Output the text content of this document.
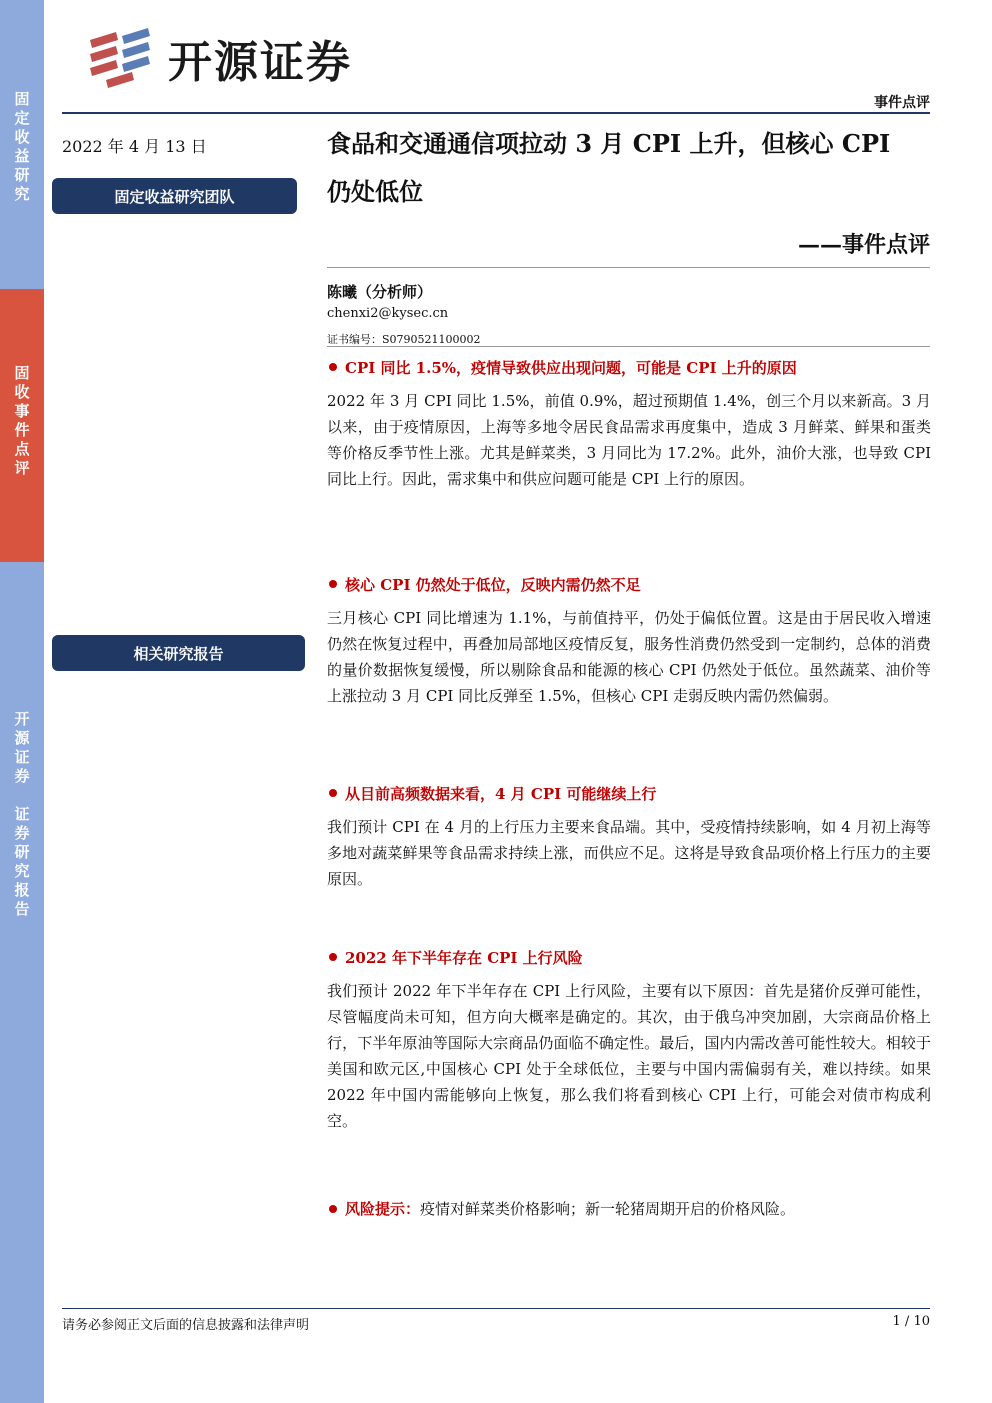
固
定
收
益
研
究
固
收
事
件
点
评
开
源
证
券
证
券
研
究
报
告
开源证券
事件点评
2022 年 4 月 13 日
固定收益研究团队
相关研究报告
食品和交通通信项拉动 3 月 CPI 上升，但核心 CPI
仍处低位
——事件点评
陈曦（分析师）
chenxi2@kysec.cn
证书编号：S0790521100002
CPI 同比 1.5%，疫情导致供应出现问题，可能是 CPI 上升的原因
2022 年 3 月 CPI 同比 1.5%，前值 0.9%，超过预期值 1.4%，创三个月以来新高。3 月以来，由于疫情原因，上海等多地令居民食品需求再度集中，造成 3 月鲜菜、鲜果和蛋类等价格反季节性上涨。尤其是鲜菜类，3 月同比为 17.2%。此外，油价大涨，也导致 CPI 同比上行。因此，需求集中和供应问题可能是 CPI 上行的原因。
核心 CPI 仍然处于低位，反映内需仍然不足
三月核心 CPI 同比增速为 1.1%，与前值持平，仍处于偏低位置。这是由于居民收入增速仍然在恢复过程中，再叠加局部地区疫情反复，服务性消费仍然受到一定制约，总体的消费的量价数据恢复缓慢，所以剔除食品和能源的核心 CPI 仍然处于低位。虽然蔬菜、油价等上涨拉动 3 月 CPI 同比反弹至 1.5%，但核心 CPI 走弱反映内需仍然偏弱。
从目前高频数据来看，4 月 CPI 可能继续上行
我们预计 CPI 在 4 月的上行压力主要来食品端。其中，受疫情持续影响，如 4 月初上海等多地对蔬菜鲜果等食品需求持续上涨，而供应不足。这将是导致食品项价格上行压力的主要原因。
2022 年下半年存在 CPI 上行风险
我们预计 2022 年下半年存在 CPI 上行风险，主要有以下原因：首先是猪价反弹可能性，尽管幅度尚未可知，但方向大概率是确定的。其次，由于俄乌冲突加剧，大宗商品价格上行，下半年原油等国际大宗商品仍面临不确定性。最后，国内内需改善可能性较大。相较于美国和欧元区,中国核心 CPI 处于全球低位，主要与中国内需偏弱有关，难以持续。如果 2022 年中国内需能够向上恢复，那么我们将看到核心 CPI 上行，可能会对债市构成利空。
风险提示： 疫情对鲜菜类价格影响；新一轮猪周期开启的价格风险。
请务必参阅正文后面的信息披露和法律声明	1 / 10
